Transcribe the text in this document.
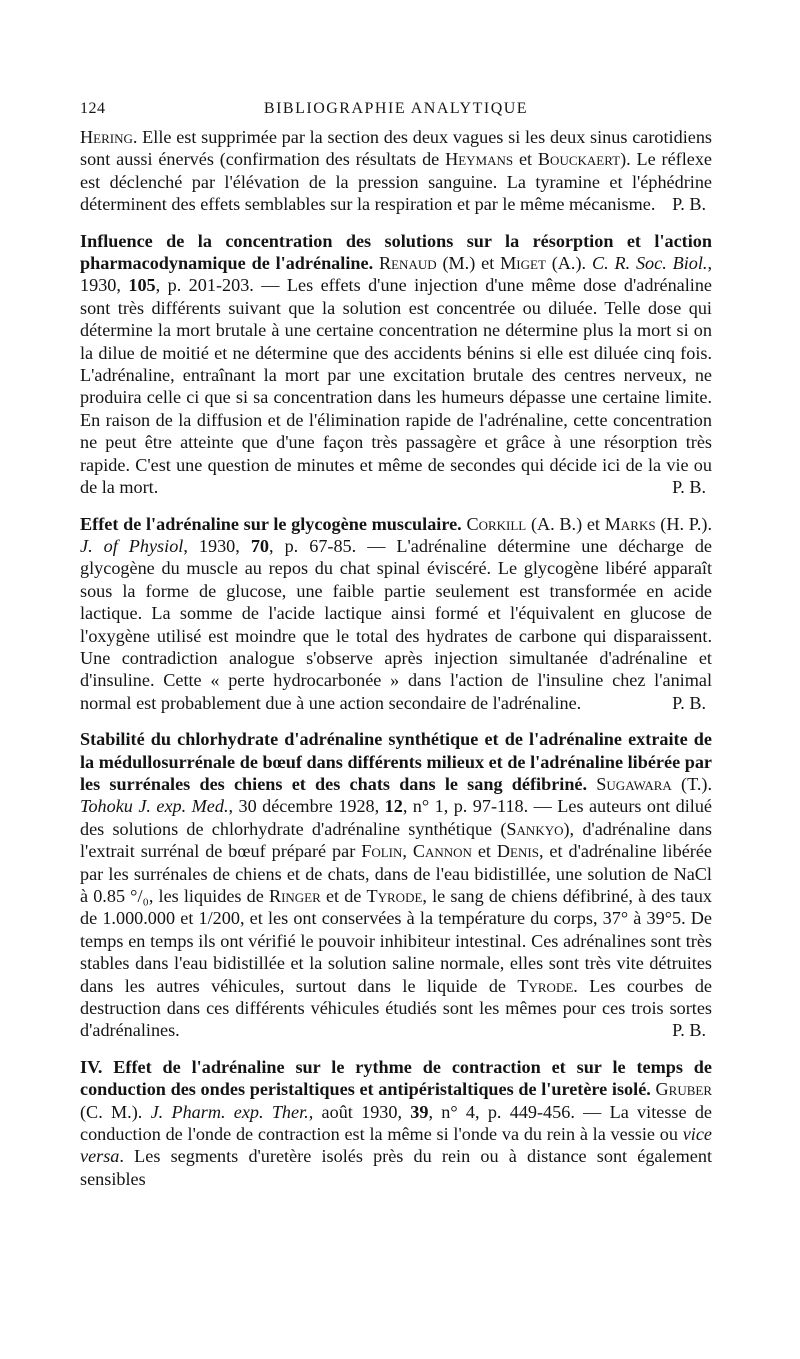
124	BIBLIOGRAPHIE ANALYTIQUE

Hering. Elle est supprimée par la section des deux vagues si les deux sinus carotidiens sont aussi énervés (confirmation des résultats de Heymans et Bouckaert). Le réflexe est déclenché par l'élévation de la pression sanguine. La tyramine et l'éphédrine déterminent des effets semblables sur la respiration et par le même mécanisme. P. B.

Influence de la concentration des solutions sur la résorption et l'action pharmacodynamique de l'adrénaline. Renaud (M.) et Miget (A.). C. R. Soc. Biol., 1930, 105, p. 201-203. — Les effets d'une injection d'une même dose d'adrénaline sont très différents suivant que la solution est concentrée ou diluée. Telle dose qui détermine la mort brutale à une certaine concentration ne détermine plus la mort si on la dilue de moitié et ne détermine que des accidents bénins si elle est diluée cinq fois. L'adrénaline, entraînant la mort par une excitation brutale des centres nerveux, ne produira celle ci que si sa concentration dans les humeurs dépasse une certaine limite. En raison de la diffusion et de l'élimination rapide de l'adrénaline, cette concentration ne peut être atteinte que d'une façon très passagère et grâce à une résorption très rapide. C'est une question de minutes et même de secondes qui décide ici de la vie ou de la mort.	P. B.

Effet de l'adrénaline sur le glycogène musculaire. Corkill (A. B.) et Marks (H. P.). J. of Physiol, 1930, 70, p. 67-85. — L'adrénaline détermine une décharge de glycogène du muscle au repos du chat spinal éviscéré. Le glycogène libéré apparaît sous la forme de glucose, une faible partie seulement est transformée en acide lactique. La somme de l'acide lactique ainsi formé et l'équivalent en glucose de l'oxygène utilisé est moindre que le total des hydrates de carbone qui disparaissent. Une contradiction analogue s'observe après injection simultanée d'adrénaline et d'insuline. Cette « perte hydrocarbonée » dans l'action de l'insuline chez l'animal normal est probablement due à une action secondaire de l'adrénaline.	P. B.

Stabilité du chlorhydrate d'adrénaline synthétique et de l'adrénaline extraite de la médullosurrénale de bœuf dans différents milieux et de l'adrénaline libérée par les surrénales des chiens et des chats dans le sang défibriné. Sugawara (T.). Tohoku J. exp. Med., 30 décembre 1928, 12, n° 1, p. 97-118. — Les auteurs ont dilué des solutions de chlorhydrate d'adrénaline synthétique (Sankyo), d'adrénaline dans l'extrait surrénal de bœuf préparé par Folin, Cannon et Denis, et d'adrénaline libérée par les surrénales de chiens et de chats, dans de l'eau bidistillée, une solution de NaCl à 0.85 °/₀, les liquides de Ringer et de Tyrode, le sang de chiens défibriné, à des taux de 1.000.000 et 1/200, et les ont conservées à la température du corps, 37° à 39°5. De temps en temps ils ont vérifié le pouvoir inhibiteur intestinal. Ces adrénalines sont très stables dans l'eau bidistillée et la solution saline normale, elles sont très vite détruites dans les autres véhicules, surtout dans le liquide de Tyrode. Les courbes de destruction dans ces différents véhicules étudiés sont les mêmes pour ces trois sortes d'adrénalines.	P. B.

IV. Effet de l'adrénaline sur le rythme de contraction et sur le temps de conduction des ondes peristaltiques et antipéristaltiques de l'uretère isolé. Gruber (C. M.). J. Pharm. exp. Ther., août 1930, 39, n° 4, p. 449-456. — La vitesse de conduction de l'onde de contraction est la même si l'onde va du rein à la vessie ou vice versa. Les segments d'uretère isolés près du rein ou à distance sont également sensibles
